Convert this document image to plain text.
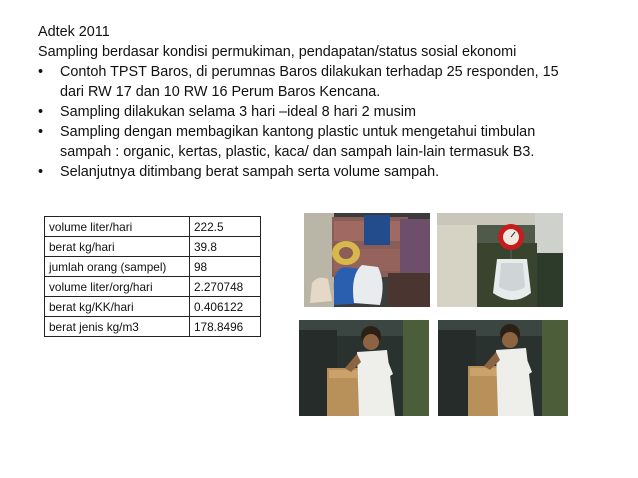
Adtek 2011

Sampling berdasar kondisi permukiman, pendapatan/status sosial ekonomi

• Contoh TPST Baros, di perumnas Baros dilakukan terhadap 25 responden, 15
dari RW 17 dan 10 RW 16 Perum Baros Kencana.
• Sampling dilakukan selama 3 hari –ideal 8 hari 2 musim
• Sampling dengan membagikan kantong plastic untuk mengetahui timbulan
sampah : organic, kertas, plastic, kaca/ dan sampah lain-lain termasuk B3.
• Selanjutnya ditimbang berat sampah serta volume sampah.
volume liter/hari	222.5
berat kg/hari	39.8
jumlah orang (sampel)	98
volume liter/org/hari	2.270748
berat kg/KK/hari	0.406122
berat jenis kg/m3	178.8496
